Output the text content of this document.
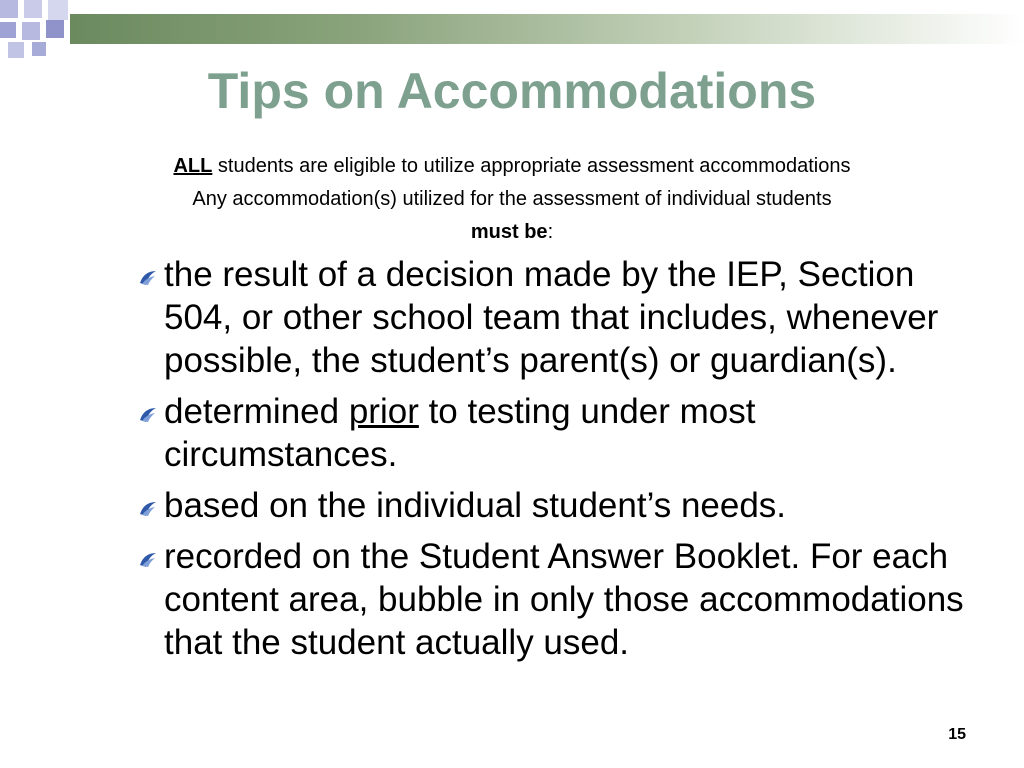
Tips on Accommodations
ALL students are eligible to utilize appropriate assessment accommodations
Any accommodation(s) utilized for the assessment of individual students
must be:
the result of a decision made by the IEP, Section 504, or other school team that includes, whenever possible, the student’s parent(s) or guardian(s).
determined prior to testing under most circumstances.
based on the individual student’s needs.
recorded on the Student Answer Booklet. For each content area, bubble in only those accommodations that the student actually used.
15
